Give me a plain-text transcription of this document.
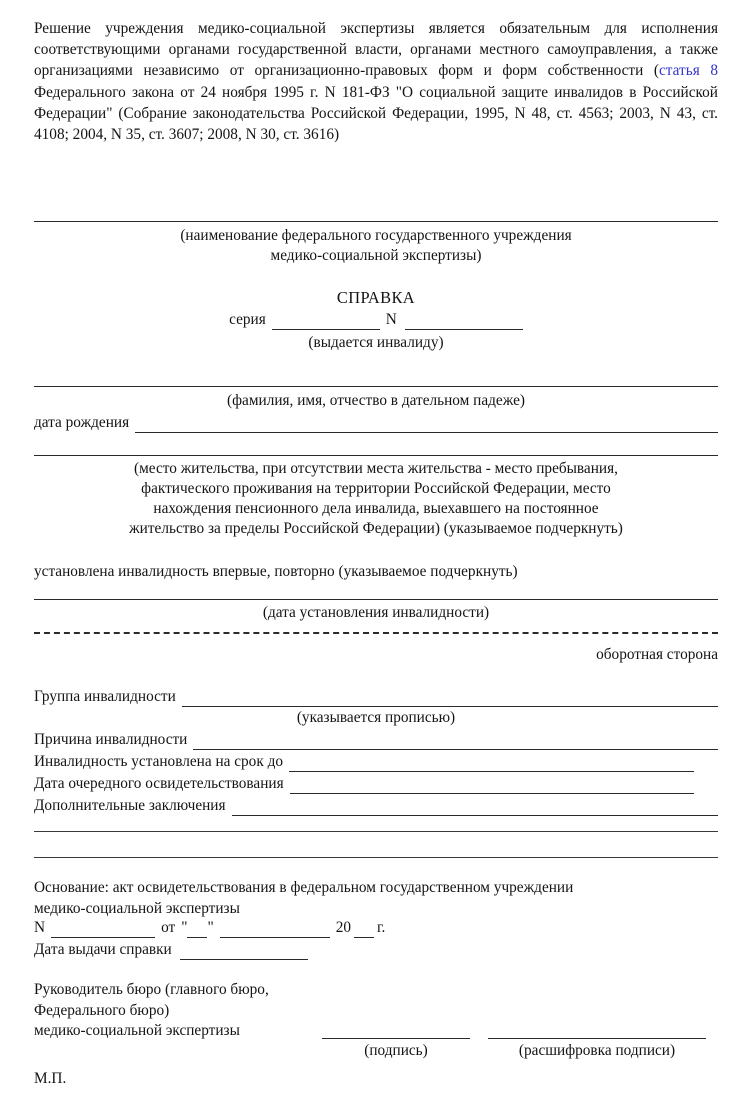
Решение учреждения медико-социальной экспертизы является обязательным для исполнения соответствующими органами государственной власти, органами местного самоуправления, а также организациями независимо от организационно-правовых форм и форм собственности (статья 8 Федерального закона от 24 ноября 1995 г. N 181-ФЗ "О социальной защите инвалидов в Российской Федерации" (Собрание законодательства Российской Федерации, 1995, N 48, ст. 4563; 2003, N 43, ст. 4108; 2004, N 35, ст. 3607; 2008, N 30, ст. 3616)

(наименование федерального государственного учреждения
медико-социальной экспертизы)
СПРАВКА
серия	N
(выдается инвалиду)
(фамилия, имя, отчество в дательном падеже)
дата рождения
(место жительства, при отсутствии места жительства - место пребывания,
фактического проживания на территории Российской Федерации, место
нахождения пенсионного дела инвалида, выехавшего на постоянное
жительство за пределы Российской Федерации) (указываемое подчеркнуть)
установлена инвалидность впервые, повторно (указываемое подчеркнуть)
(дата установления инвалидности)
оборотная сторона
Группа инвалидности
(указывается прописью)
Причина инвалидности
Инвалидность установлена на срок до
Дата очередного освидетельствования
Дополнительные заключения
Основание: акт освидетельствования в федеральном государственном учреждении
медико-социальной экспертизы
N	от " "	20 г.
Дата выдачи справки
Руководитель бюро (главного бюро,
Федерального бюро)
медико-социальной экспертизы
(подпись)	(расшифровка подписи)
М.П.
